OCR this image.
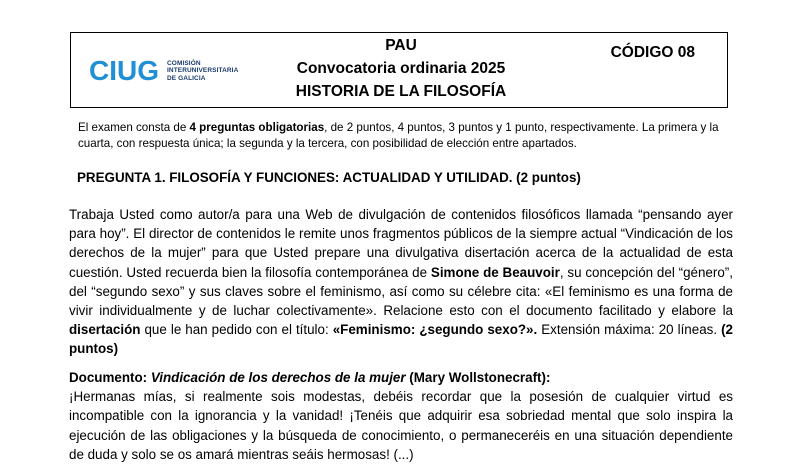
CIUG COMISIÓN
INTERUNIVERSITARIA
DE GALICIA
PAU
Convocatoria ordinaria 2025
HISTORIA DE LA FILOSOFÍA
CÓDIGO 08
El examen consta de 4 preguntas obligatorias, de 2 puntos, 4 puntos, 3 puntos y 1 punto, respectivamente. La primera y la cuarta, con respuesta única; la segunda y la tercera, con posibilidad de elección entre apartados.
PREGUNTA 1. FILOSOFÍA Y FUNCIONES: ACTUALIDAD Y UTILIDAD. (2 puntos)
Trabaja Usted como autor/a para una Web de divulgación de contenidos filosóficos llamada “pensando ayer para hoy”. El director de contenidos le remite unos fragmentos públicos de la siempre actual “Vindicación de los derechos de la mujer” para que Usted prepare una divulgativa disertación acerca de la actualidad de esta cuestión. Usted recuerda bien la filosofía contemporánea de Simone de Beauvoir, su concepción del “género”, del “segundo sexo” y sus claves sobre el feminismo, así como su célebre cita: «El feminismo es una forma de vivir individualmente y de luchar colectivamente». Relacione esto con el documento facilitado y elabore la disertación que le han pedido con el título: «Feminismo: ¿segundo sexo?». Extensión máxima: 20 líneas. (2 puntos)
Documento: Vindicación de los derechos de la mujer (Mary Wollstonecraft):
¡Hermanas mías, si realmente sois modestas, debéis recordar que la posesión de cualquier virtud es incompatible con la ignorancia y la vanidad! ¡Tenéis que adquirir esa sobriedad mental que solo inspira la ejecución de las obligaciones y la búsqueda de conocimiento, o permaneceréis en una situación dependiente de duda y solo se os amará mientras seáis hermosas! (...)
